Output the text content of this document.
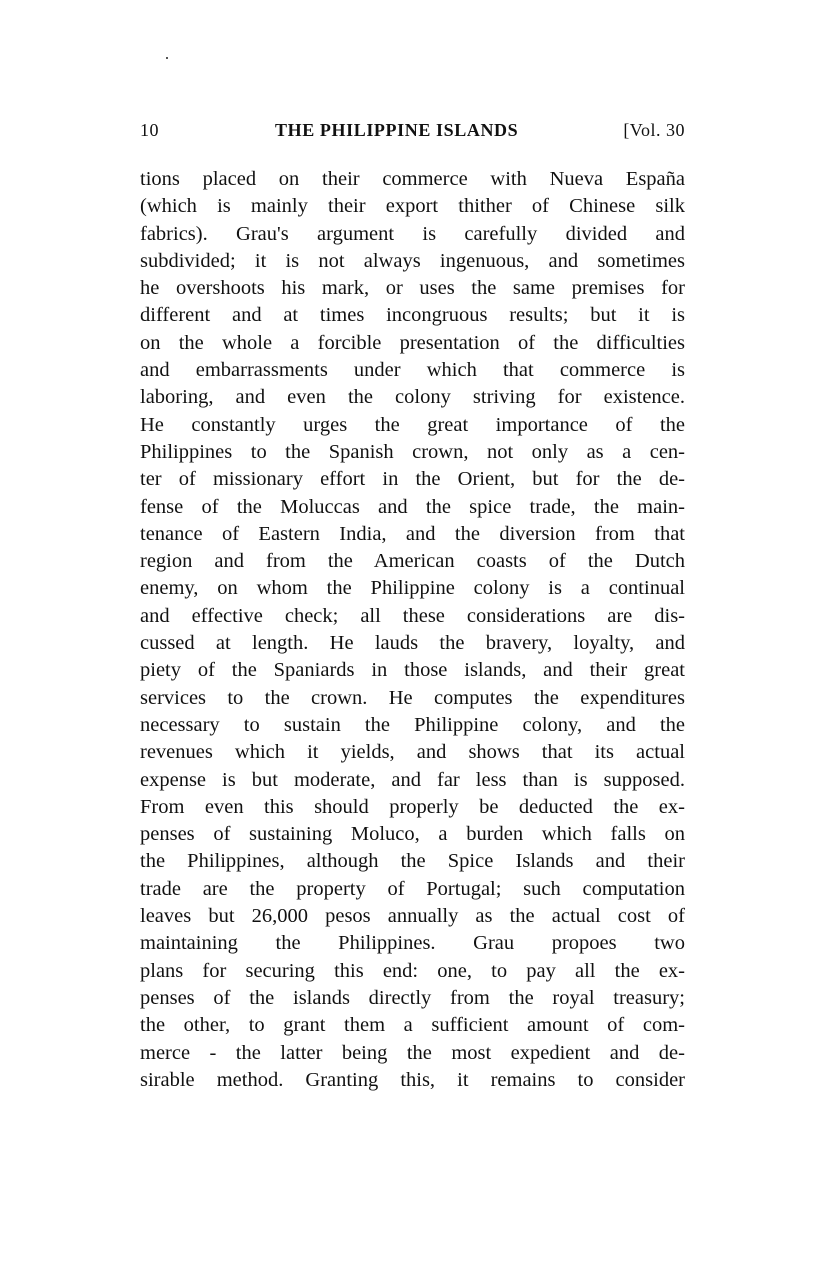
10	THE PHILIPPINE ISLANDS	[Vol. 30
tions placed on their commerce with Nueva España
(which is mainly their export thither of Chinese silk
fabrics). Grau's argument is carefully divided and
subdivided; it is not always ingenuous, and sometimes
he overshoots his mark, or uses the same premises for
different and at times incongruous results; but it is
on the whole a forcible presentation of the difficulties
and embarrassments under which that commerce is
laboring, and even the colony striving for existence.
He constantly urges the great importance of the
Philippines to the Spanish crown, not only as a cen-
ter of missionary effort in the Orient, but for the de-
fense of the Moluccas and the spice trade, the main-
tenance of Eastern India, and the diversion from that
region and from the American coasts of the Dutch
enemy, on whom the Philippine colony is a continual
and effective check; all these considerations are dis-
cussed at length. He lauds the bravery, loyalty, and
piety of the Spaniards in those islands, and their great
services to the crown. He computes the expenditures
necessary to sustain the Philippine colony, and the
revenues which it yields, and shows that its actual
expense is but moderate, and far less than is supposed.
From even this should properly be deducted the ex-
penses of sustaining Moluco, a burden which falls on
the Philippines, although the Spice Islands and their
trade are the property of Portugal; such computation
leaves but 26,000 pesos annually as the actual cost of
maintaining the Philippines. Grau propoes two
plans for securing this end: one, to pay all the ex-
penses of the islands directly from the royal treasury;
the other, to grant them a sufficient amount of com-
merce - the latter being the most expedient and de-
sirable method. Granting this, it remains to consider
